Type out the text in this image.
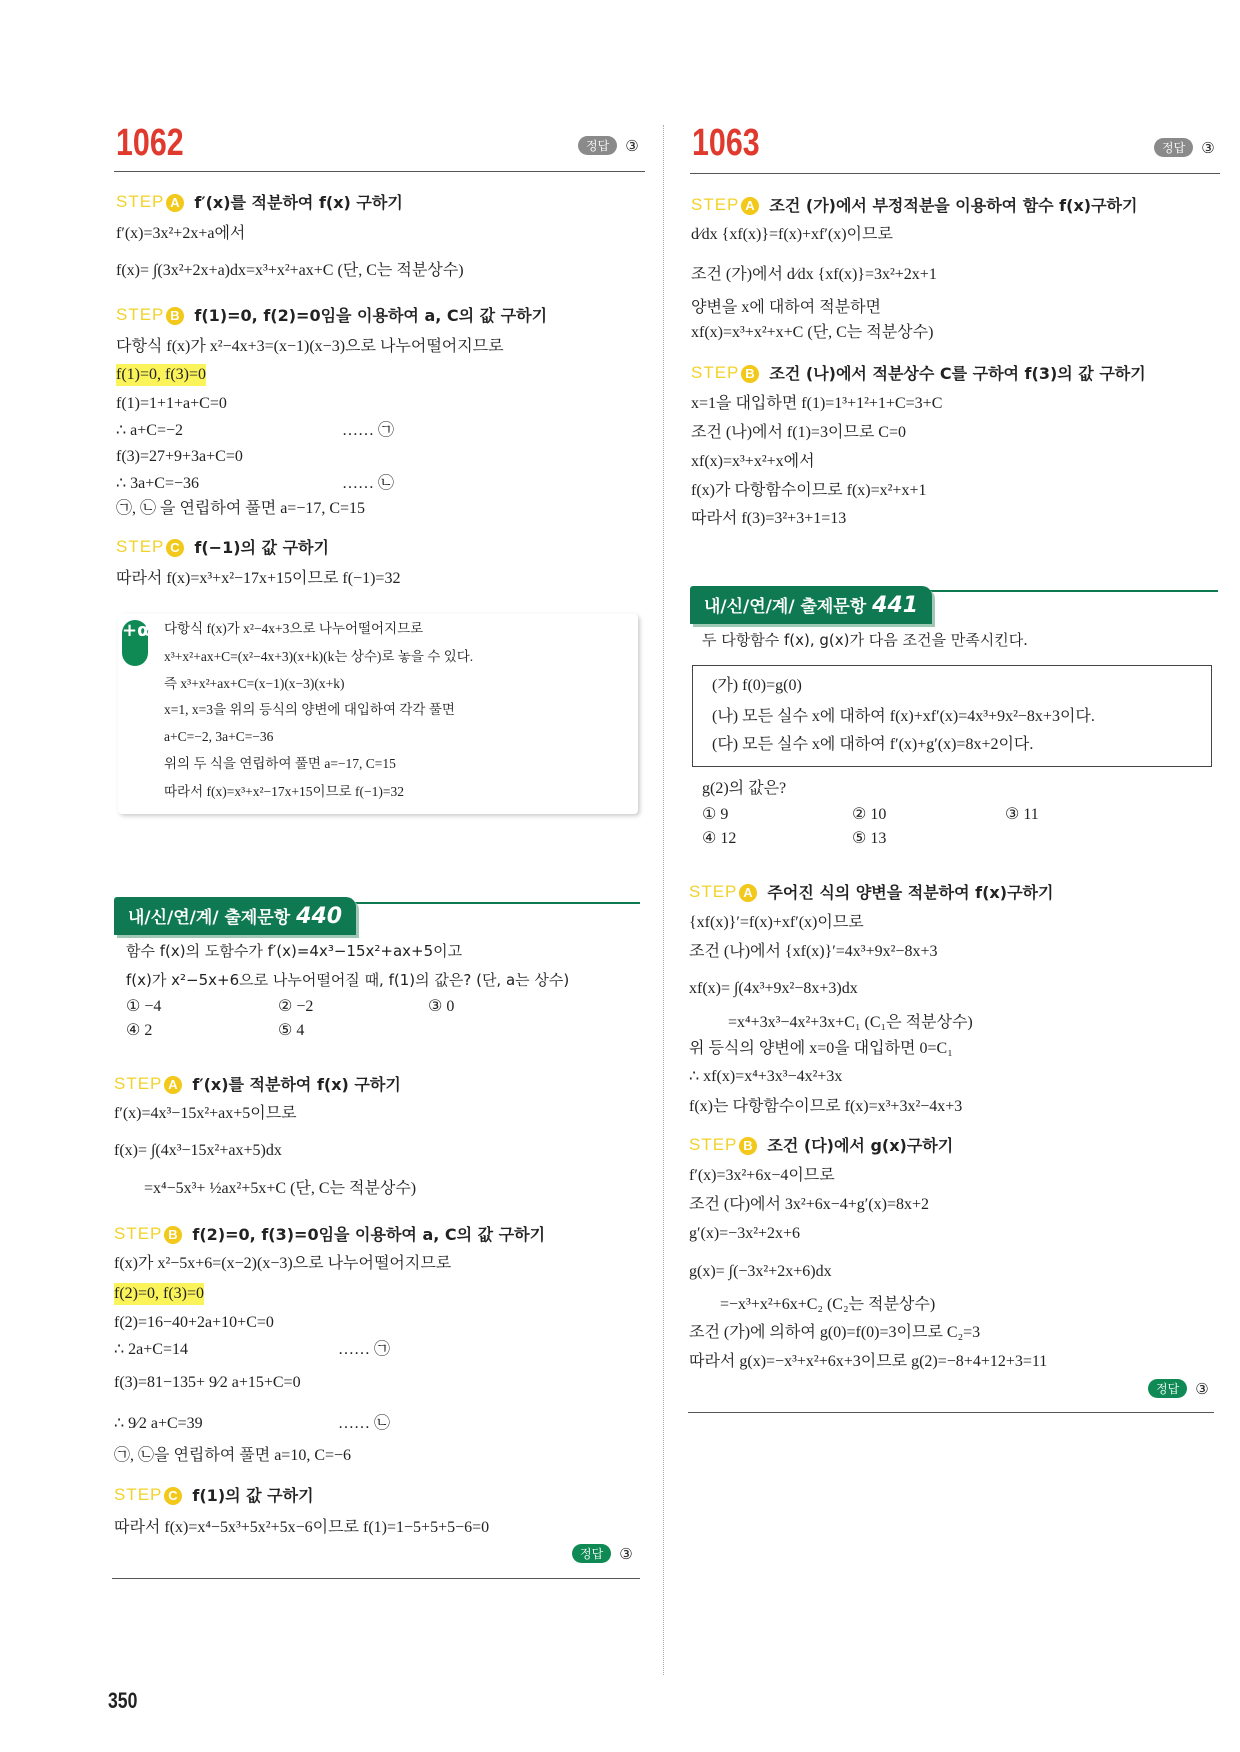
1062	정답	③
STEP A f′(x)를 적분하여 f(x) 구하기
f′(x)=3x²+2x+a에서
f(x)= ∫(3x²+2x+a)dx=x³+x²+ax+C (단, C는 적분상수)
STEP B f(1)=0, f(2)=0임을 이용하여 a, C의 값 구하기
다항식 f(x)가 x²−4x+3=(x−1)(x−3)으로 나누어떨어지므로
f(1)=0, f(3)=0
f(1)=1+1+a+C=0
∴ a+C=−2	…… ㉠
f(3)=27+9+3a+C=0
∴ 3a+C=−36	…… ㉡
㉠, ㉡ 을 연립하여 풀면 a=−17, C=15
STEP C f(−1)의 값 구하기
따라서 f(x)=x³+x²−17x+15이므로 f(−1)=32
+α 다항식 f(x)가 x²−4x+3으로 나누어떨어지므로
x³+x²+ax+C=(x²−4x+3)(x+k)(k는 상수)로 놓을 수 있다.
즉 x³+x²+ax+C=(x−1)(x−3)(x+k)
x=1, x=3을 위의 등식의 양변에 대입하여 각각 풀면
a+C=−2, 3a+C=−36
위의 두 식을 연립하여 풀면 a=−17, C=15
따라서 f(x)=x³+x²−17x+15이므로 f(−1)=32
내/신/연/계/ 출제문항 440
함수 f(x)의 도함수가 f′(x)=4x³−15x²+ax+5이고
f(x)가 x²−5x+6으로 나누어떨어질 때, f(1)의 값은? (단, a는 상수)
① −4	② −2	③ 0
④ 2	⑤ 4
STEP A f′(x)를 적분하여 f(x) 구하기
f′(x)=4x³−15x²+ax+5이므로
f(x)= ∫(4x³−15x²+ax+5)dx
=x⁴−5x³+ ½ax²+5x+C (단, C는 적분상수)
STEP B f(2)=0, f(3)=0임을 이용하여 a, C의 값 구하기
f(x)가 x²−5x+6=(x−2)(x−3)으로 나누어떨어지므로
f(2)=0, f(3)=0
f(2)=16−40+2a+10+C=0
∴ 2a+C=14	…… ㉠
f(3)=81−135+ 9⁄2 a+15+C=0
∴ 9⁄2 a+C=39	…… ㉡
㉠, ㉡을 연립하여 풀면 a=10, C=−6
STEP C f(1)의 값 구하기
따라서 f(x)=x⁴−5x³+5x²+5x−6이므로 f(1)=1−5+5+5−6=0
정답	③
350
1063	정답	③
STEP A 조건 (가)에서 부정적분을 이용하여 함수 f(x)구하기
d⁄dx {xf(x)}=f(x)+xf′(x)이므로
조건 (가)에서 d⁄dx {xf(x)}=3x²+2x+1
양변을 x에 대하여 적분하면
xf(x)=x³+x²+x+C (단, C는 적분상수)
STEP B 조건 (나)에서 적분상수 C를 구하여 f(3)의 값 구하기
x=1을 대입하면 f(1)=1³+1²+1+C=3+C
조건 (나)에서 f(1)=3이므로 C=0
xf(x)=x³+x²+x에서
f(x)가 다항함수이므로 f(x)=x²+x+1
따라서 f(3)=3²+3+1=13
내/신/연/계/ 출제문항 441
두 다항함수 f(x), g(x)가 다음 조건을 만족시킨다.
(가) f(0)=g(0)
(나) 모든 실수 x에 대하여 f(x)+xf′(x)=4x³+9x²−8x+3이다.
(다) 모든 실수 x에 대하여 f′(x)+g′(x)=8x+2이다.
g(2)의 값은?
① 9	② 10	③ 11
④ 12	⑤ 13
STEP A 주어진 식의 양변을 적분하여 f(x)구하기
{xf(x)}′=f(x)+xf′(x)이므로
조건 (나)에서 {xf(x)}′=4x³+9x²−8x+3
xf(x)= ∫(4x³+9x²−8x+3)dx
=x⁴+3x³−4x²+3x+C₁ (C₁은 적분상수)
위 등식의 양변에 x=0을 대입하면 0=C₁
∴ xf(x)=x⁴+3x³−4x²+3x
f(x)는 다항함수이므로 f(x)=x³+3x²−4x+3
STEP B 조건 (다)에서 g(x)구하기
f′(x)=3x²+6x−4이므로
조건 (다)에서 3x²+6x−4+g′(x)=8x+2
g′(x)=−3x²+2x+6
g(x)= ∫(−3x²+2x+6)dx
=−x³+x²+6x+C₂ (C₂는 적분상수)
조건 (가)에 의하여 g(0)=f(0)=3이므로 C₂=3
따라서 g(x)=−x³+x²+6x+3이므로 g(2)=−8+4+12+3=11
정답	③
